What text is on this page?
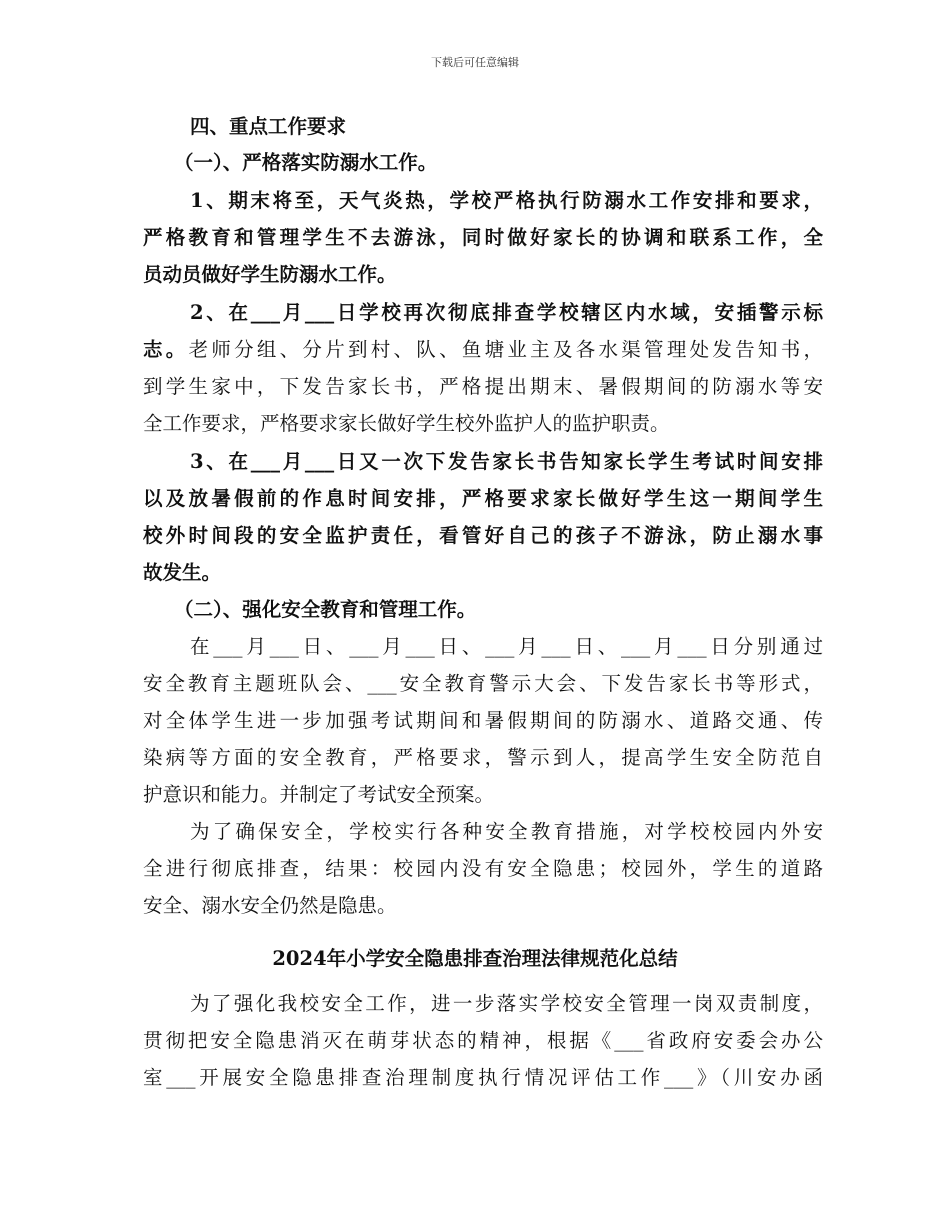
下载后可任意编辑
四、重点工作要求
（一）、严格落实防溺水工作。
1、期末将至，天气炎热，学校严格执行防溺水工作安排和要求，
严格教育和管理学生不去游泳，同时做好家长的协调和联系工作，全
员动员做好学生防溺水工作。
2、在___月___日学校再次彻底排查学校辖区内水域，安插警示标
志。老师分组、分片到村、队、鱼塘业主及各水渠管理处发告知书，
到学生家中，下发告家长书，严格提出期末、暑假期间的防溺水等安
全工作要求，严格要求家长做好学生校外监护人的监护职责。
3、在___月___日又一次下发告家长书告知家长学生考试时间安排
以及放暑假前的作息时间安排，严格要求家长做好学生这一期间学生
校外时间段的安全监护责任，看管好自己的孩子不游泳，防止溺水事
故发生。
（二）、强化安全教育和管理工作。
在___月___日、___月___日、___月___日、___月___日分别通过
安全教育主题班队会、___安全教育警示大会、下发告家长书等形式，
对全体学生进一步加强考试期间和暑假期间的防溺水、道路交通、传
染病等方面的安全教育，严格要求，警示到人，提高学生安全防范自
护意识和能力。并制定了考试安全预案。
为了确保安全，学校实行各种安全教育措施，对学校校园内外安
全进行彻底排查，结果：校园内没有安全隐患；校园外，学生的道路
安全、溺水安全仍然是隐患。
2024年小学安全隐患排查治理法律规范化总结
为了强化我校安全工作，进一步落实学校安全管理一岗双责制度，
贯彻把安全隐患消灭在萌芽状态的精神，根据《___省政府安委会办公
室___开展安全隐患排查治理制度执行情况评估工作___》（川安办函
